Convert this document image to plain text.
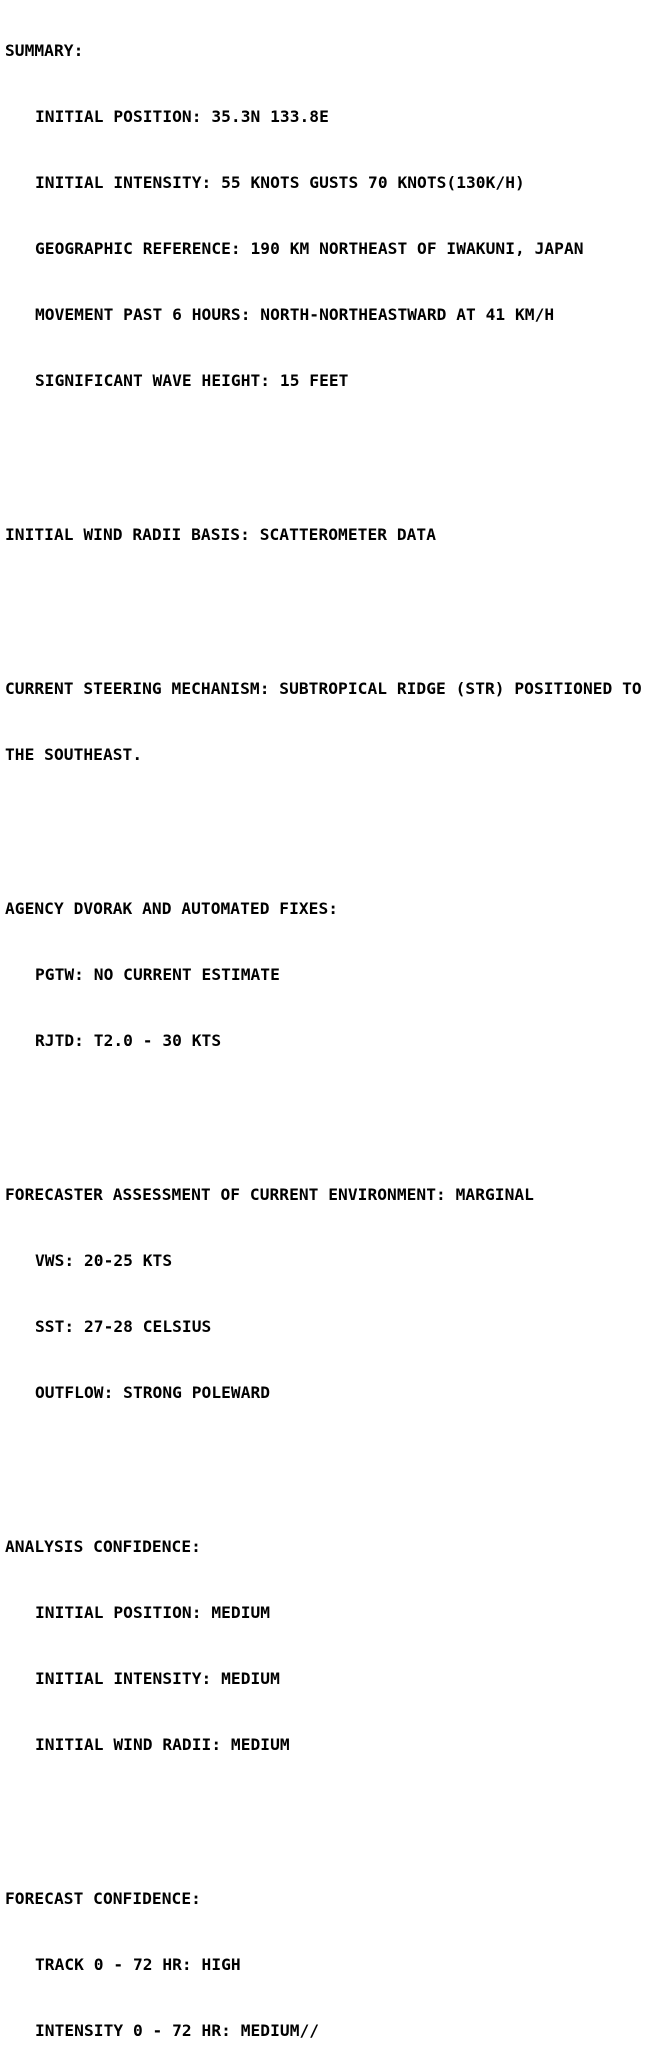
SUMMARY:

INITIAL POSITION: 35.3N 133.8E

INITIAL INTENSITY: 55 KNOTS GUSTS 70 KNOTS(130K/H)

GEOGRAPHIC REFERENCE: 190 KM NORTHEAST OF IWAKUNI, JAPAN

MOVEMENT PAST 6 HOURS: NORTH-NORTHEASTWARD AT 41 KM/H

SIGNIFICANT WAVE HEIGHT: 15 FEET

INITIAL WIND RADII BASIS: SCATTEROMETER DATA

CURRENT STEERING MECHANISM: SUBTROPICAL RIDGE (STR) POSITIONED TO

THE SOUTHEAST.

AGENCY DVORAK AND AUTOMATED FIXES:

PGTW: NO CURRENT ESTIMATE

RJTD: T2.0 - 30 KTS

FORECASTER ASSESSMENT OF CURRENT ENVIRONMENT: MARGINAL

VWS: 20-25 KTS

SST: 27-28 CELSIUS

OUTFLOW: STRONG POLEWARD

ANALYSIS CONFIDENCE:

INITIAL POSITION: MEDIUM

INITIAL INTENSITY: MEDIUM

INITIAL WIND RADII: MEDIUM

FORECAST CONFIDENCE:

TRACK 0 - 72 HR: HIGH

INTENSITY 0 - 72 HR: MEDIUM//
